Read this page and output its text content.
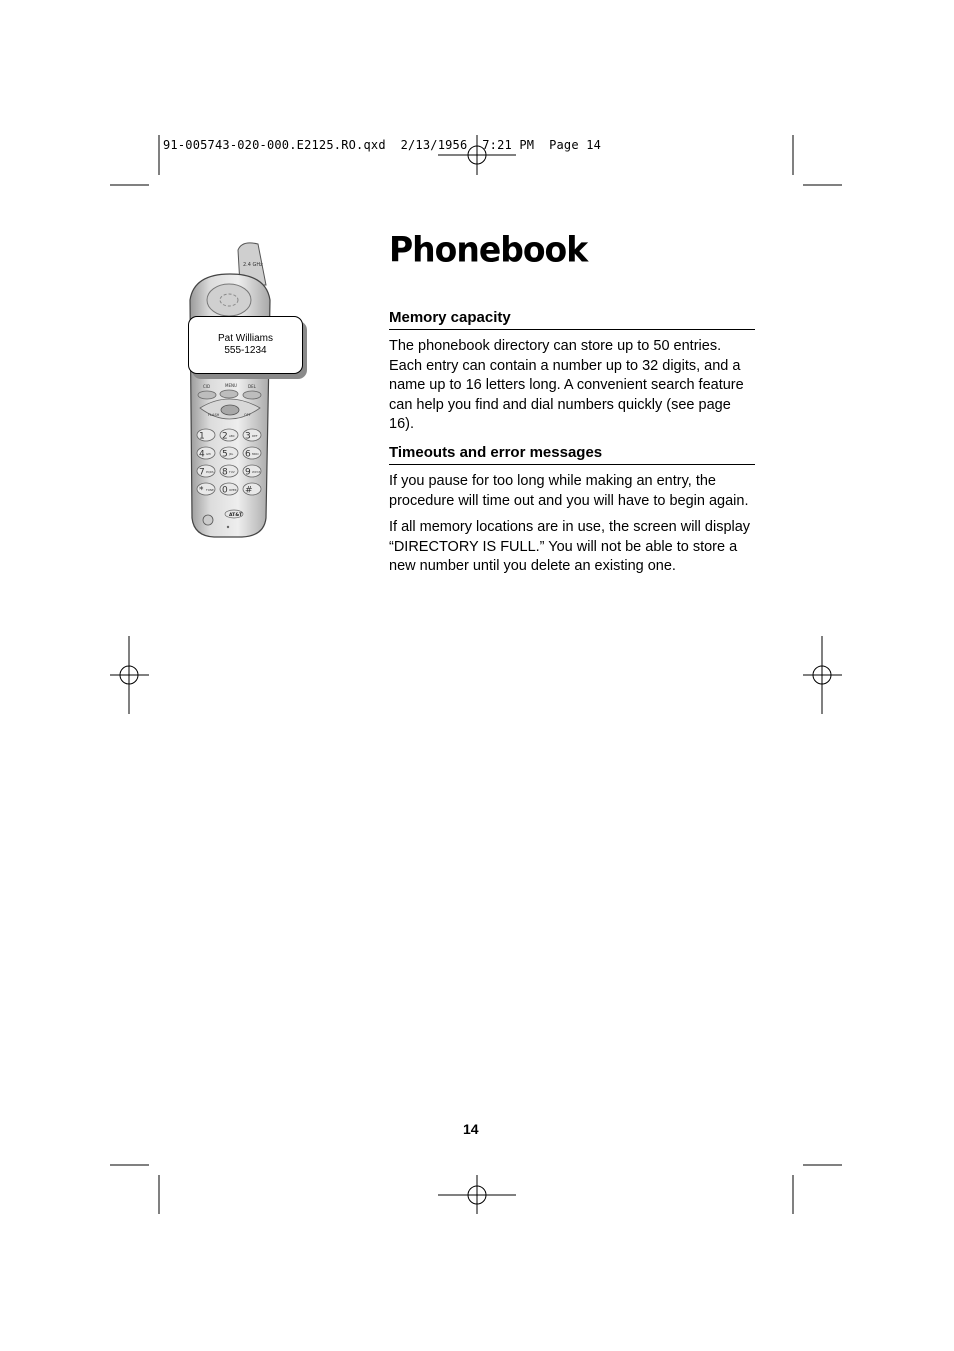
91-005743-020-000.E2125.RO.qxd  2/13/1956  7:21 PM  Page 14
2.4 GHz
CID	MENU	DEL
FLASH	OFF
1 2 ABC 3 DEF
4 GHI 5 JKL 6 MNO
7 PQRS 8 TUV 9 WXYZ
* TONE 0 OPER #
AT&T
Pat Williams
555-1234
Phonebook
Memory capacity

The phonebook directory can store up to 50 entries. Each entry can contain a number up to 32 digits, and a name up to 16 letters long. A convenient search feature can help you find and dial numbers quickly (see page 16).

Timeouts and error messages

If you pause for too long while making an entry, the procedure will time out and you will have to begin again.

If all memory locations are in use, the screen will display “DIRECTORY IS FULL.” You will not be able to store a new number until you delete an existing one.

14
